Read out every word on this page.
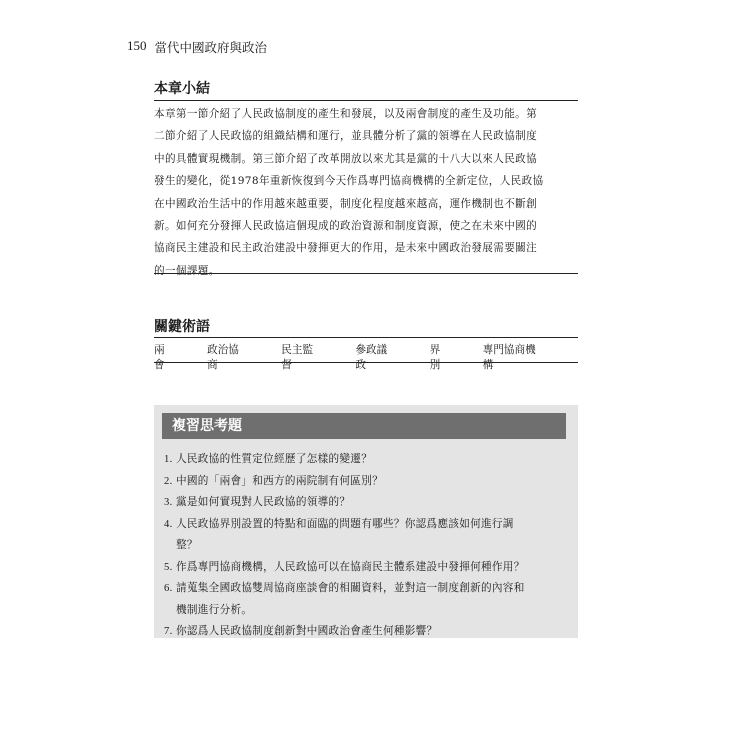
150 當代中國政府與政治
本章小結
本章第一節介紹了人民政協制度的產生和發展，以及兩會制度的產生及功能。第
二節介紹了人民政協的組織結構和運行，並具體分析了黨的領導在人民政協制度
中的具體實現機制。第三節介紹了改革開放以來尤其是黨的十八大以來人民政協
發生的變化，從1978年重新恢復到今天作爲專門協商機構的全新定位，人民政協
在中國政治生活中的作用越來越重要，制度化程度越來越高，運作機制也不斷創
新。如何充分發揮人民政協這個現成的政治資源和制度資源，使之在未來中國的
協商民主建設和民主政治建設中發揮更大的作用，是未來中國政治發展需要關注
的一個課題。
關鍵術語
兩會
政治協商
民主監督
參政議政
界別
專門協商機構
複習思考題
1. 人民政協的性質定位經歷了怎樣的變遷？
2. 中國的「兩會」和西方的兩院制有何區別？
3. 黨是如何實現對人民政協的領導的？
4. 人民政協界別設置的特點和面臨的問題有哪些？你認爲應該如何進行調
整？
5. 作爲專門協商機構，人民政協可以在協商民主體系建設中發揮何種作用？
6. 請蒐集全國政協雙周協商座談會的相關資料，並對這一制度創新的內容和
機制進行分析。
7. 你認爲人民政協制度創新對中國政治會產生何種影響？
